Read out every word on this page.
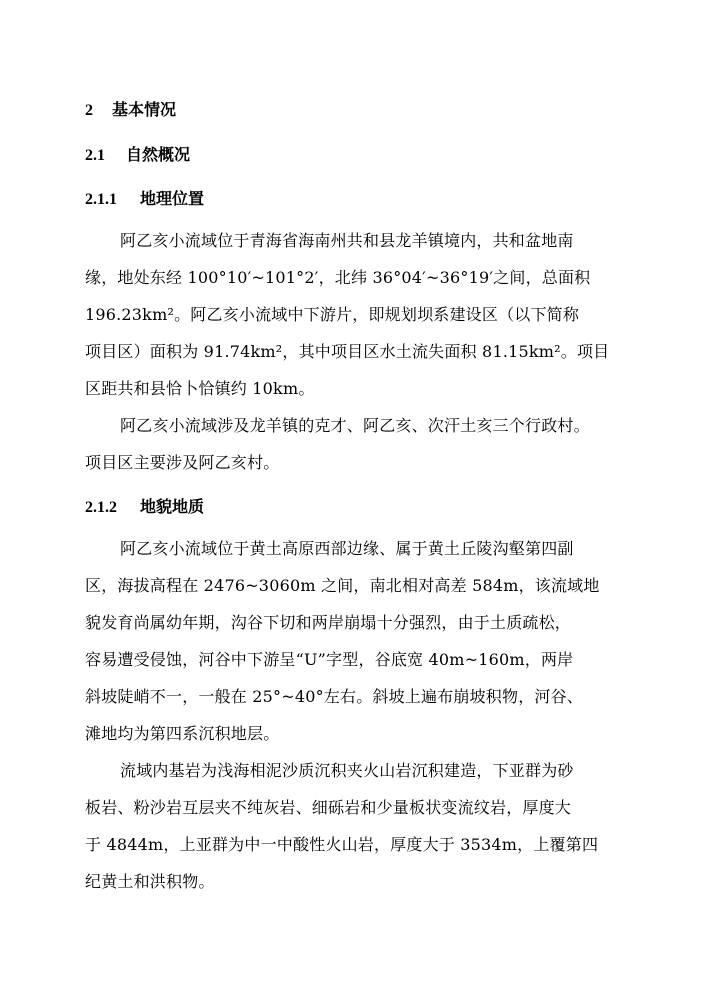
2 基本情况
2.1 自然概况
2.1.1 地理位置
阿乙亥小流域位于青海省海南州共和县龙羊镇境内，共和盆地南
缘，地处东经 100°10′~101°2′，北纬 36°04′~36°19′之间，总面积
196.23km²。阿乙亥小流域中下游片，即规划坝系建设区（以下简称
项目区）面积为 91.74km²，其中项目区水土流失面积 81.15km²。项目
区距共和县恰卜恰镇约 10km。
阿乙亥小流域涉及龙羊镇的克才、阿乙亥、次汗土亥三个行政村。
项目区主要涉及阿乙亥村。
2.1.2 地貌地质
阿乙亥小流域位于黄土高原西部边缘、属于黄土丘陵沟壑第四副
区，海拔高程在 2476~3060m 之间，南北相对高差 584m，该流域地
貌发育尚属幼年期，沟谷下切和两岸崩塌十分强烈，由于土质疏松，
容易遭受侵蚀，河谷中下游呈“U”字型，谷底宽 40m~160m，两岸
斜坡陡峭不一，一般在 25°~40°左右。斜坡上遍布崩坡积物，河谷、
滩地均为第四系沉积地层。
流域内基岩为浅海相泥沙质沉积夹火山岩沉积建造，下亚群为砂
板岩、粉沙岩互层夹不纯灰岩、细砾岩和少量板状变流纹岩，厚度大
于 4844m，上亚群为中一中酸性火山岩，厚度大于 3534m，上覆第四
纪黄土和洪积物。
